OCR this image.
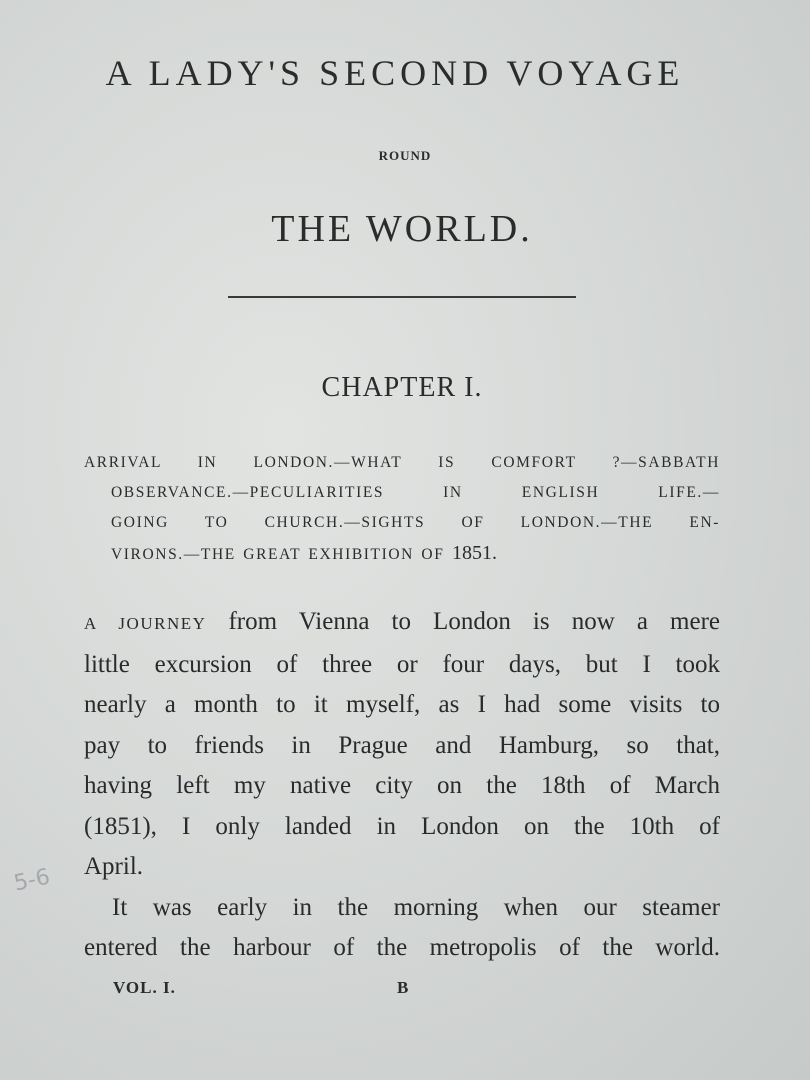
A LADY'S SECOND VOYAGE
ROUND
THE WORLD.
CHAPTER I.
ARRIVAL IN LONDON.—WHAT IS COMFORT ?—SABBATH
OBSERVANCE.—PECULIARITIES IN ENGLISH LIFE.—
GOING TO CHURCH.—SIGHTS OF LONDON.—THE EN-
VIRONS.—THE GREAT EXHIBITION OF 1851.
A JOURNEY from Vienna to London is now a mere
little excursion of three or four days, but I took
nearly a month to it myself, as I had some visits to
pay to friends in Prague and Hamburg, so that,
having left my native city on the 18th of March
(1851), I only landed in London on the 10th of
April.
It was early in the morning when our steamer
entered the harbour of the metropolis of the world.
VOL. I.	B
5-6
